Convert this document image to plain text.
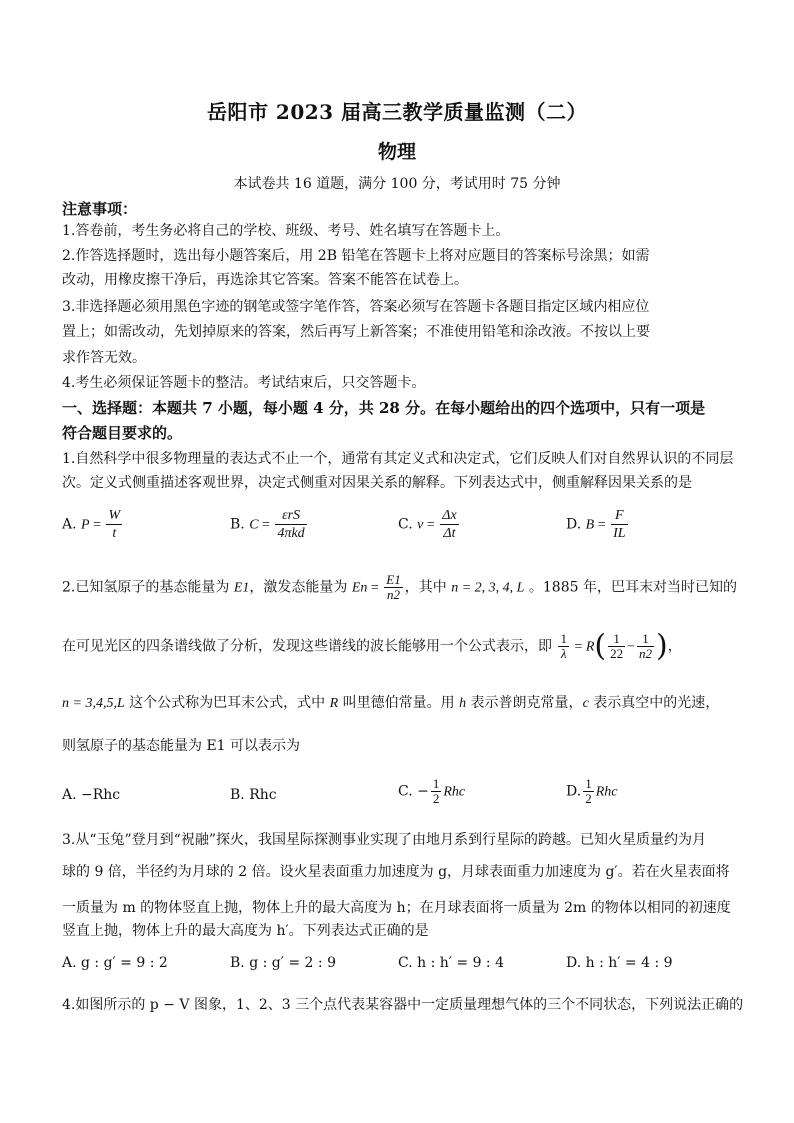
岳阳市 2023 届高三教学质量监测（二）
物理
本试卷共 16 道题，满分 100 分，考试用时 75 分钟
注意事项：
1.答卷前，考生务必将自己的学校、班级、考号、姓名填写在答题卡上。
2.作答选择题时，选出每小题答案后，用 2B 铅笔在答题卡上将对应题目的答案标号涂黑；如需
改动，用橡皮擦干净后，再选涂其它答案。答案不能答在试卷上。
3.非选择题必须用黑色字迹的钢笔或签字笔作答，答案必须写在答题卡各题目指定区域内相应位
置上；如需改动，先划掉原来的答案，然后再写上新答案；不准使用铅笔和涂改液。不按以上要
求作答无效。
4.考生必须保证答题卡的整洁。考试结束后，只交答题卡。
一、选择题：本题共 7 小题，每小题 4 分，共 28 分。在每小题给出的四个选项中，只有一项是
符合题目要求的。
1.自然科学中很多物理量的表达式不止一个，通常有其定义式和决定式，它们反映人们对自然界认识的不同层
次。定义式侧重描述客观世界，决定式侧重对因果关系的解释。下列表达式中，侧重解释因果关系的是
A. $P = \frac{W}{t}$	B. $C = \frac{\text{εrS}}{\text{4πkd}}$	C. $v = \frac{\Delta x}{\Delta t}$	D. $B = \frac{F}{IL}$
2.已知氢原子的基态能量为 E1，激发态能量为 $En = \frac{E1}{n2}$ ，其中 n = 2, 3, 4, L 。1885 年，巴耳末对当时已知的
在可见光区的四条谱线做了分析，发现这些谱线的波长能够用一个公式表示，即 $\frac{1}{\lambda} = R( \frac{1}{22} - \frac{1}{n2}$ )，
n = 3,4,5,L 这个公式称为巴耳末公式，式中 R 叫里德伯常量。用 h 表示普朗克常量，c 表示真空中的光速，
则氢原子的基态能量为 E1 可以表示为
A. −Rhc	B. Rhc	C. − $\frac{1}{2}$ Rhc	D. $\frac{1}{2}$ Rhc
3.从“玉兔”登月到“祝融”探火，我国星际探测事业实现了由地月系到行星际的跨越。已知火星质量约为月
球的 9 倍，半径约为月球的 2 倍。设火星表面重力加速度为 g，月球表面重力加速度为 g′。若在火星表面将
一质量为 m 的物体竖直上抛，物体上升的最大高度为 h；在月球表面将一质量为 2m 的物体以相同的初速度
竖直上抛，物体上升的最大高度为 h′。下列表达式正确的是
A. g : g′ = 9 : 2	B. g : g′ = 2 : 9	C. h : h′ = 9 : 4	D. h : h′ = 4 : 9
4.如图所示的 p − V 图象，1、2、3 三个点代表某容器中一定质量理想气体的三个不同状态，下列说法正确的
